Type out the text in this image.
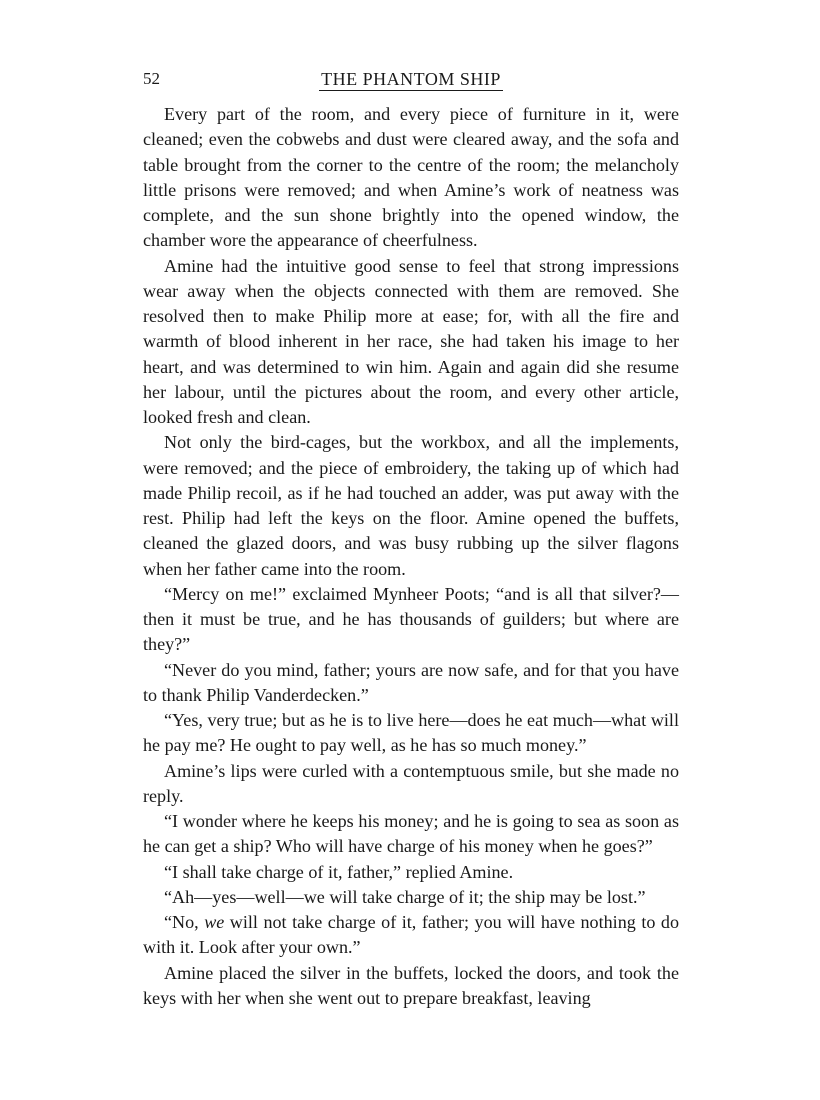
52	THE PHANTOM SHIP

Every part of the room, and every piece of furniture in it, were cleaned; even the cobwebs and dust were cleared away, and the sofa and table brought from the corner to the centre of the room; the melancholy little prisons were removed; and when Amine’s work of neatness was complete, and the sun shone brightly into the opened window, the chamber wore the appearance of cheerfulness.

Amine had the intuitive good sense to feel that strong impressions wear away when the objects connected with them are removed. She resolved then to make Philip more at ease; for, with all the fire and warmth of blood inherent in her race, she had taken his image to her heart, and was determined to win him. Again and again did she resume her labour, until the pictures about the room, and every other article, looked fresh and clean.

Not only the bird-cages, but the workbox, and all the implements, were removed; and the piece of embroidery, the taking up of which had made Philip recoil, as if he had touched an adder, was put away with the rest. Philip had left the keys on the floor. Amine opened the buffets, cleaned the glazed doors, and was busy rubbing up the silver flagons when her father came into the room.

“Mercy on me!” exclaimed Mynheer Poots; “and is all that silver?—then it must be true, and he has thousands of guilders; but where are they?”

“Never do you mind, father; yours are now safe, and for that you have to thank Philip Vanderdecken.”

“Yes, very true; but as he is to live here—does he eat much—what will he pay me? He ought to pay well, as he has so much money.”

Amine’s lips were curled with a contemptuous smile, but she made no reply.

“I wonder where he keeps his money; and he is going to sea as soon as he can get a ship? Who will have charge of his money when he goes?”

“I shall take charge of it, father,” replied Amine.

“Ah—yes—well—we will take charge of it; the ship may be lost.”

“No, we will not take charge of it, father; you will have nothing to do with it. Look after your own.”

Amine placed the silver in the buffets, locked the doors, and took the keys with her when she went out to prepare breakfast, leaving
